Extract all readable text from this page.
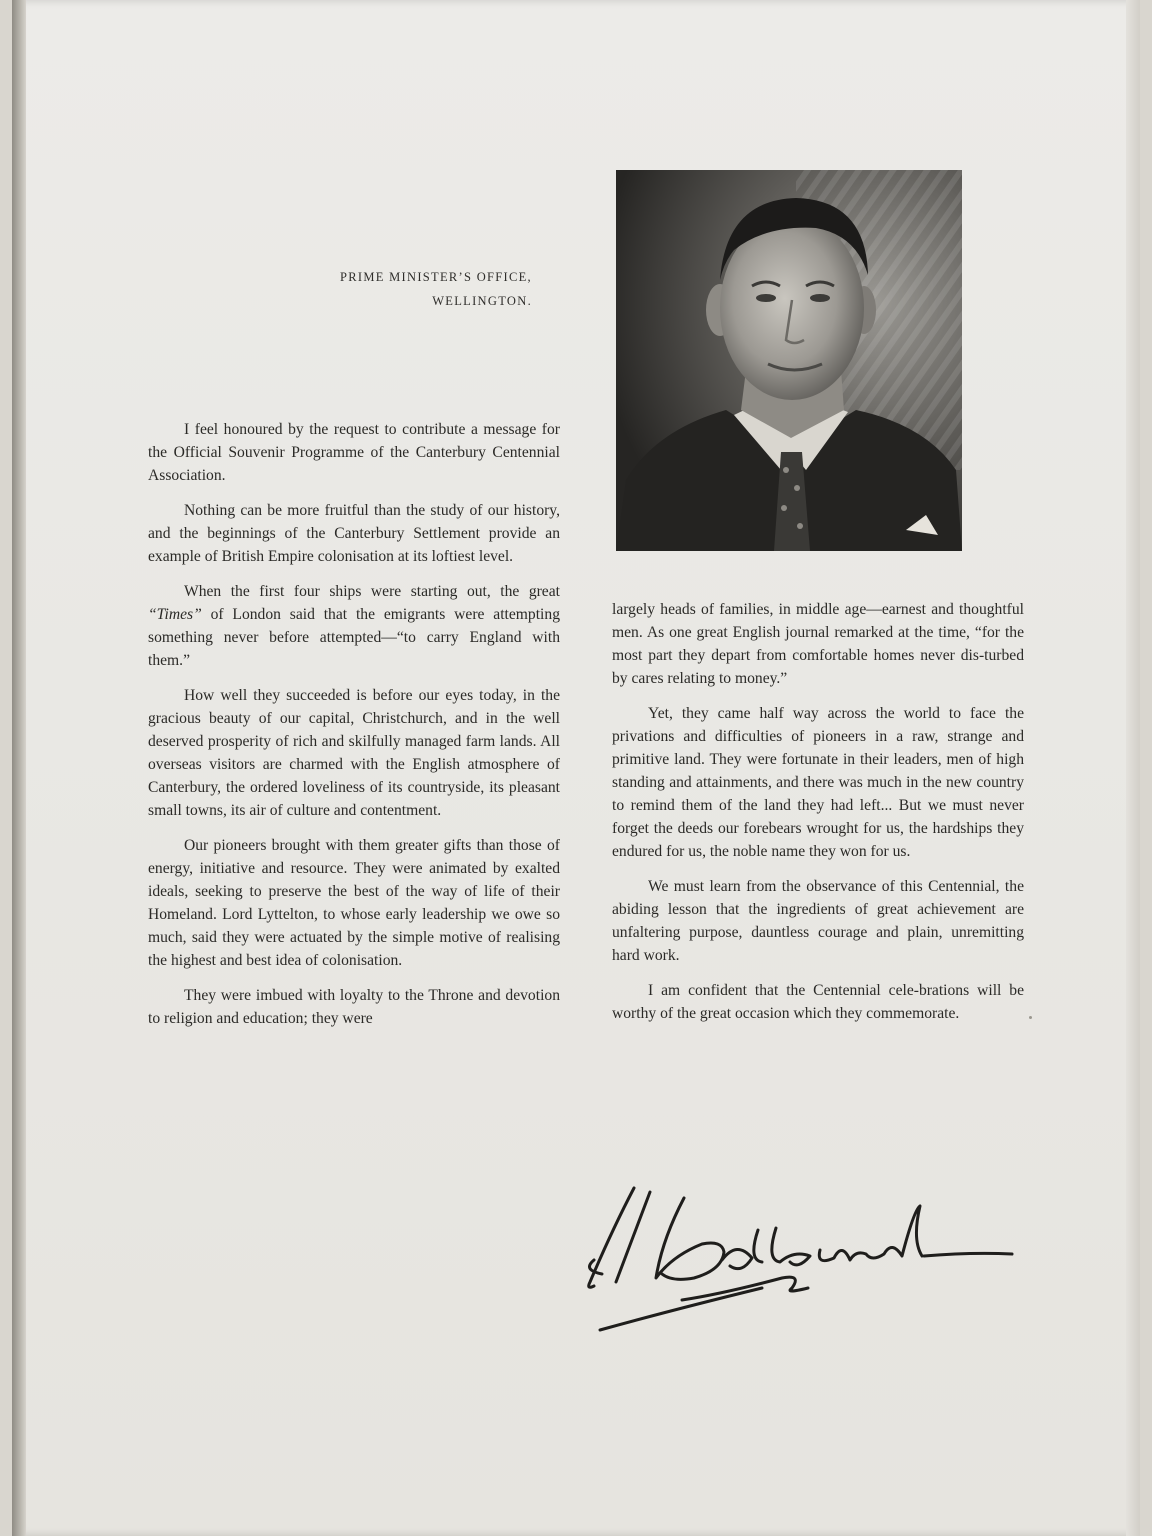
PRIME MINISTER’S OFFICE,
WELLINGTON.

I feel honoured by the request to contribute a message for the Official Souvenir Programme of the Canterbury Centennial Association.

Nothing can be more fruitful than the study of our history, and the beginnings of the Canterbury Settlement provide an example of British Empire colonisation at its loftiest level.

When the first four ships were starting out, the great “Times” of London said that the emigrants were attempting something never before attempted—“to carry England with them.”

How well they succeeded is before our eyes today, in the gracious beauty of our capital, Christchurch, and in the well deserved prosperity of rich and skilfully managed farm lands. All overseas visitors are charmed with the English atmosphere of Canterbury, the ordered loveliness of its countryside, its pleasant small towns, its air of culture and contentment.

Our pioneers brought with them greater gifts than those of energy, initiative and resource. They were animated by exalted ideals, seeking to preserve the best of the way of life of their Homeland. Lord Lyttelton, to whose early leadership we owe so much, said they were actuated by the simple motive of realising the highest and best idea of colonisation.

They were imbued with loyalty to the Throne and devotion to religion and education; they were

largely heads of families, in middle age—earnest and thoughtful men. As one great English journal remarked at the time, “for the most part they depart from comfortable homes never dis-turbed by cares relating to money.”

Yet, they came half way across the world to face the privations and difficulties of pioneers in a raw, strange and primitive land. They were fortunate in their leaders, men of high standing and attainments, and there was much in the new country to remind them of the land they had left... But we must never forget the deeds our forebears wrought for us, the hardships they endured for us, the noble name they won for us.

We must learn from the observance of this Centennial, the abiding lesson that the ingredients of great achievement are unfaltering purpose, dauntless courage and plain, unremitting hard work.

I am confident that the Centennial cele-brations will be worthy of the great occasion which they commemorate.
